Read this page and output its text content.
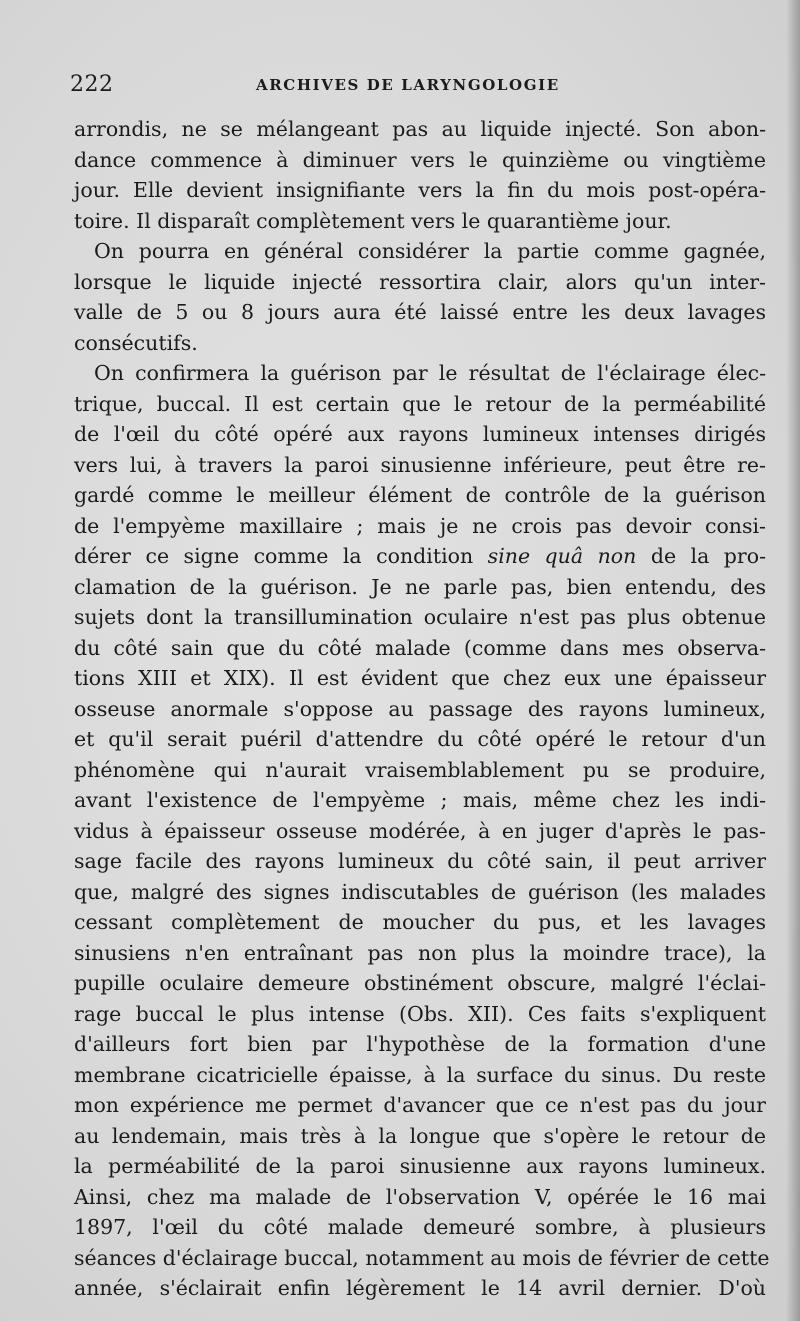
222	ARCHIVES DE LARYNGOLOGIE
arrondis, ne se mélangeant pas au liquide injecté. Son abon-
dance commence à diminuer vers le quinzième ou vingtième
jour. Elle devient insignifiante vers la fin du mois post-opéra-
toire. Il disparaît complètement vers le quarantième jour.
On pourra en général considérer la partie comme gagnée,
lorsque le liquide injecté ressortira clair, alors qu'un inter-
valle de 5 ou 8 jours aura été laissé entre les deux lavages
consécutifs.
On confirmera la guérison par le résultat de l'éclairage élec-
trique, buccal. Il est certain que le retour de la perméabilité
de l'œil du côté opéré aux rayons lumineux intenses dirigés
vers lui, à travers la paroi sinusienne inférieure, peut être re-
gardé comme le meilleur élément de contrôle de la guérison
de l'empyème maxillaire ; mais je ne crois pas devoir consi-
dérer ce signe comme la condition sine quâ non de la pro-
clamation de la guérison. Je ne parle pas, bien entendu, des
sujets dont la transillumination oculaire n'est pas plus obtenue
du côté sain que du côté malade (comme dans mes observa-
tions XIII et XIX). Il est évident que chez eux une épaisseur
osseuse anormale s'oppose au passage des rayons lumineux,
et qu'il serait puéril d'attendre du côté opéré le retour d'un
phénomène qui n'aurait vraisemblablement pu se produire,
avant l'existence de l'empyème ; mais, même chez les indi-
vidus à épaisseur osseuse modérée, à en juger d'après le pas-
sage facile des rayons lumineux du côté sain, il peut arriver
que, malgré des signes indiscutables de guérison (les malades
cessant complètement de moucher du pus, et les lavages
sinusiens n'en entraînant pas non plus la moindre trace), la
pupille oculaire demeure obstinément obscure, malgré l'éclai-
rage buccal le plus intense (Obs. XII). Ces faits s'expliquent
d'ailleurs fort bien par l'hypothèse de la formation d'une
membrane cicatricielle épaisse, à la surface du sinus. Du reste
mon expérience me permet d'avancer que ce n'est pas du jour
au lendemain, mais très à la longue que s'opère le retour de
la perméabilité de la paroi sinusienne aux rayons lumineux.
Ainsi, chez ma malade de l'observation V, opérée le 16 mai
1897, l'œil du côté malade demeuré sombre, à plusieurs
séances d'éclairage buccal, notamment au mois de février de cette
année, s'éclairait enfin légèrement le 14 avril dernier. D'où
